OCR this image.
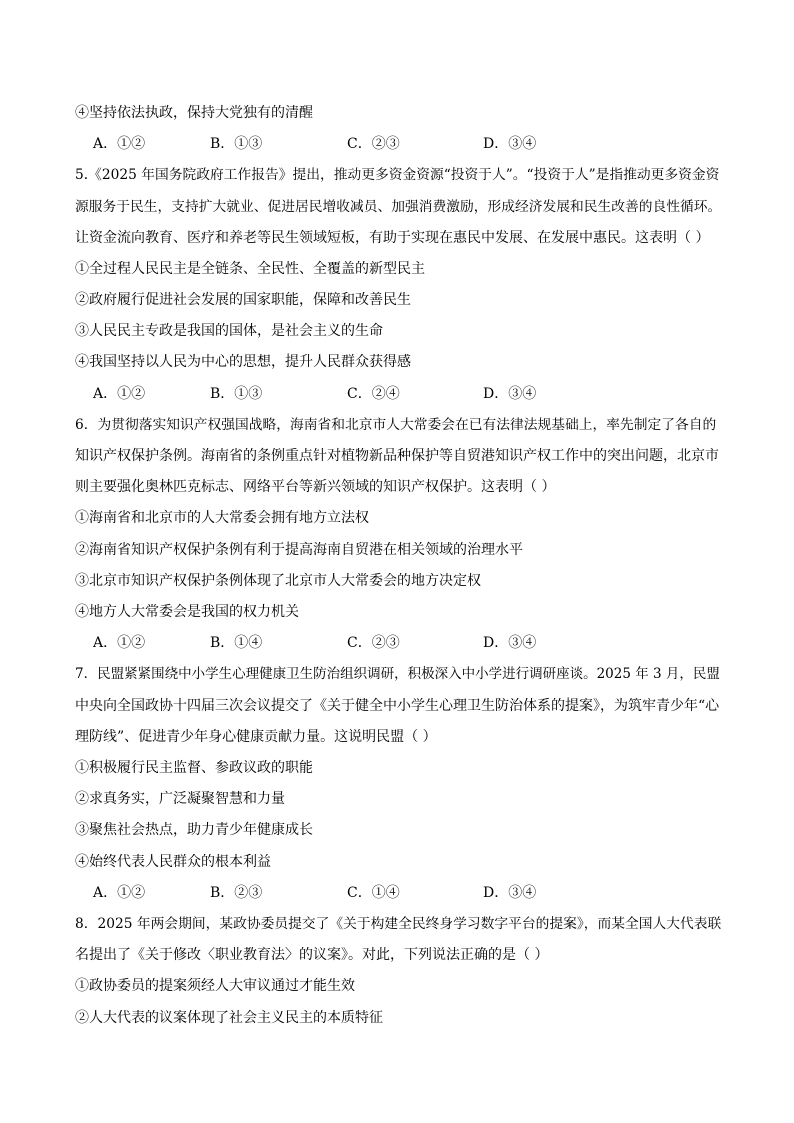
④坚持依法执政，保持大党独有的清醒
A．①②	B．①③	C．②③	D．③④
5.《2025 年国务院政府工作报告》提出，推动更多资金资源“投资于人”。“投资于人”是指推动更多资金资
源服务于民生，支持扩大就业、促进居民增收减员、加强消费激励，形成经济发展和民生改善的良性循环。
让资金流向教育、医疗和养老等民生领域短板，有助于实现在惠民中发展、在发展中惠民。这表明（ ）
①全过程人民民主是全链条、全民性、全覆盖的新型民主
②政府履行促进社会发展的国家职能，保障和改善民生
③人民民主专政是我国的国体，是社会主义的生命
④我国坚持以人民为中心的思想，提升人民群众获得感
A．①②	B．①③	C．②④	D．③④
6．为贯彻落实知识产权强国战略，海南省和北京市人大常委会在已有法律法规基础上，率先制定了各自的
知识产权保护条例。海南省的条例重点针对植物新品种保护等自贸港知识产权工作中的突出问题，北京市
则主要强化奥林匹克标志、网络平台等新兴领域的知识产权保护。这表明（ ）
①海南省和北京市的人大常委会拥有地方立法权
②海南省知识产权保护条例有利于提高海南自贸港在相关领域的治理水平
③北京市知识产权保护条例体现了北京市人大常委会的地方决定权
④地方人大常委会是我国的权力机关
A．①②	B．①④	C．②③	D．③④
7．民盟紧紧围绕中小学生心理健康卫生防治组织调研，积极深入中小学进行调研座谈。2025 年 3 月，民盟
中央向全国政协十四届三次会议提交了《关于健全中小学生心理卫生防治体系的提案》，为筑牢青少年“心
理防线”、促进青少年身心健康贡献力量。这说明民盟（ ）
①积极履行民主监督、参政议政的职能
②求真务实，广泛凝聚智慧和力量
③聚焦社会热点，助力青少年健康成长
④始终代表人民群众的根本利益
A．①②	B．②③	C．①④	D．③④
8．2025 年两会期间，某政协委员提交了《关于构建全民终身学习数字平台的提案》，而某全国人大代表联
名提出了《关于修改〈职业教育法〉的议案》。对此，下列说法正确的是（ ）
①政协委员的提案须经人大审议通过才能生效
②人大代表的议案体现了社会主义民主的本质特征
